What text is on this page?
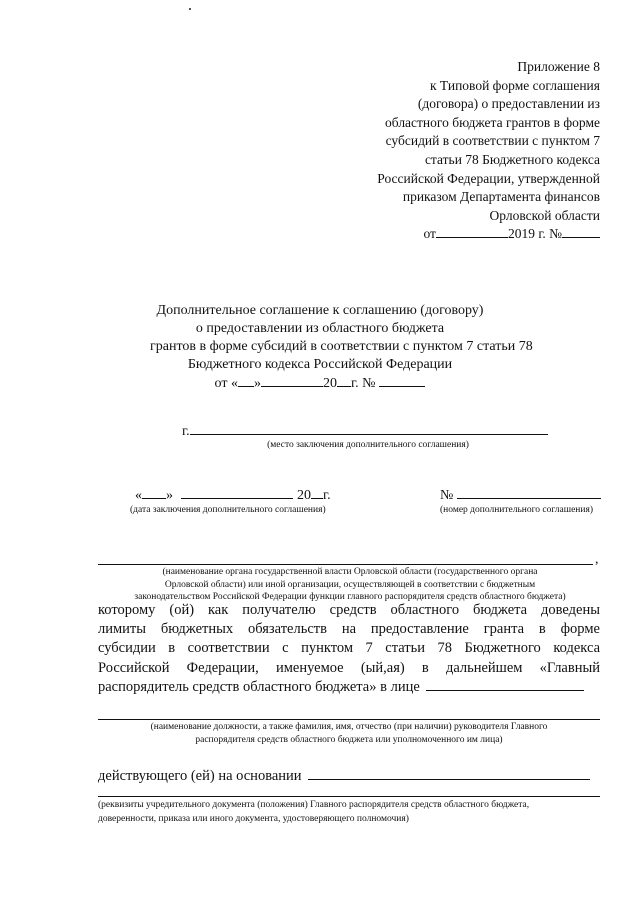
Приложение 8
к Типовой форме соглашения
(договора) о предоставлении из
областного бюджета грантов в форме
субсидий в соответствии с пунктом 7
статьи 78 Бюджетного кодекса
Российской Федерации, утвержденной
приказом Департамента финансов
Орловской области
от	2019 г. №
Дополнительное соглашение к соглашению (договору)
о предоставлении из областного бюджета
грантов в форме субсидий в соответствии с пунктом 7 статьи 78
Бюджетного кодекса Российской Федерации
от « »	20 г. №
г.
(место заключения дополнительного соглашения)
« »	20 г.
(дата заключения дополнительного соглашения)
№
(номер дополнительного соглашения)
,
(наименование органа государственной власти Орловской области (государственного органа
Орловской области) или иной организации, осуществляющей в соответствии с бюджетным
законодательством Российской Федерации функции главного распорядителя средств областного бюджета)
которому (ой) как получателю средств областного бюджета доведены
лимиты бюджетных обязательств на предоставление гранта в форме
субсидии в соответствии с пунктом 7 статьи 78 Бюджетного кодекса
Российской Федерации, именуемое (ый,ая) в дальнейшем «Главный
распорядитель средств областного бюджета» в лице
(наименование должности, а также фамилия, имя, отчество (при наличии) руководителя Главного
распорядителя средств областного бюджета или уполномоченного им лица)
действующего (ей) на основании
(реквизиты учредительного документа (положения) Главного распорядителя средств областного бюджета,
доверенности, приказа или иного документа, удостоверяющего полномочия)
